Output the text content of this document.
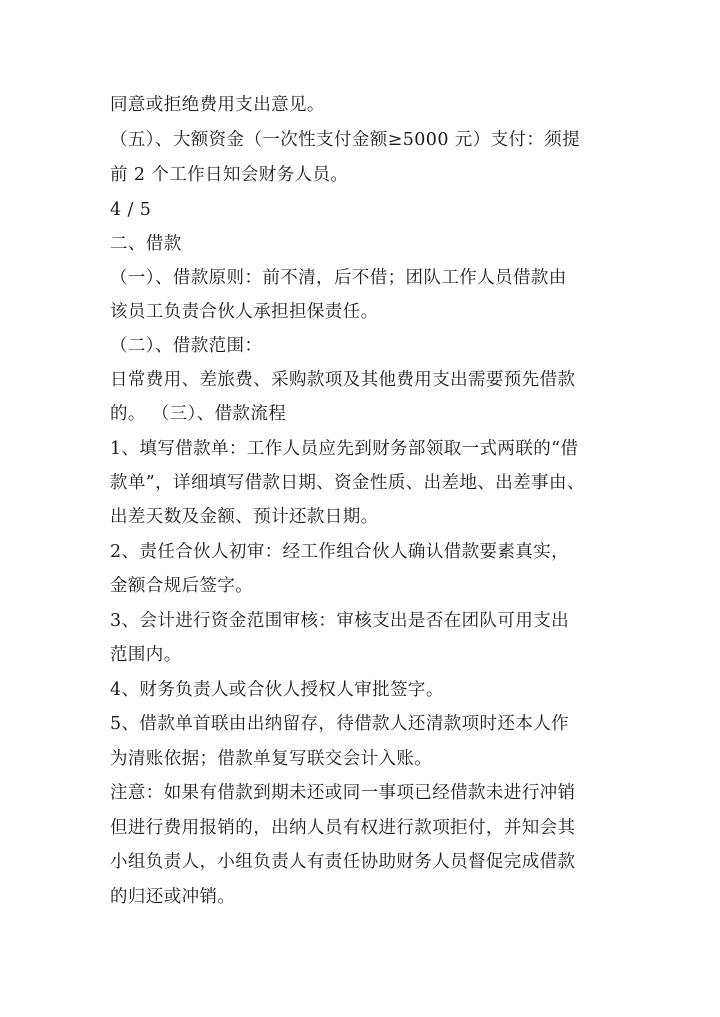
同意或拒绝费用支出意见。
（五）、大额资金（一次性支付金额≥5000 元）支付：须提
前 2 个工作日知会财务人员。
4 / 5
二、借款
（一）、借款原则：前不清，后不借；团队工作人员借款由
该员工负责合伙人承担担保责任。
（二）、借款范围：
日常费用、差旅费、采购款项及其他费用支出需要预先借款
的。 （三）、借款流程
1、填写借款单：工作人员应先到财务部领取一式两联的“借
款单”，详细填写借款日期、资金性质、出差地、出差事由、
出差天数及金额、预计还款日期。
2、责任合伙人初审：经工作组合伙人确认借款要素真实，
金额合规后签字。
3、会计进行资金范围审核：审核支出是否在团队可用支出
范围内。
4、财务负责人或合伙人授权人审批签字。
5、借款单首联由出纳留存，待借款人还清款项时还本人作
为清账依据；借款单复写联交会计入账。
注意：如果有借款到期未还或同一事项已经借款未进行冲销
但进行费用报销的，出纳人员有权进行款项拒付，并知会其
小组负责人，小组负责人有责任协助财务人员督促完成借款
的归还或冲销。
